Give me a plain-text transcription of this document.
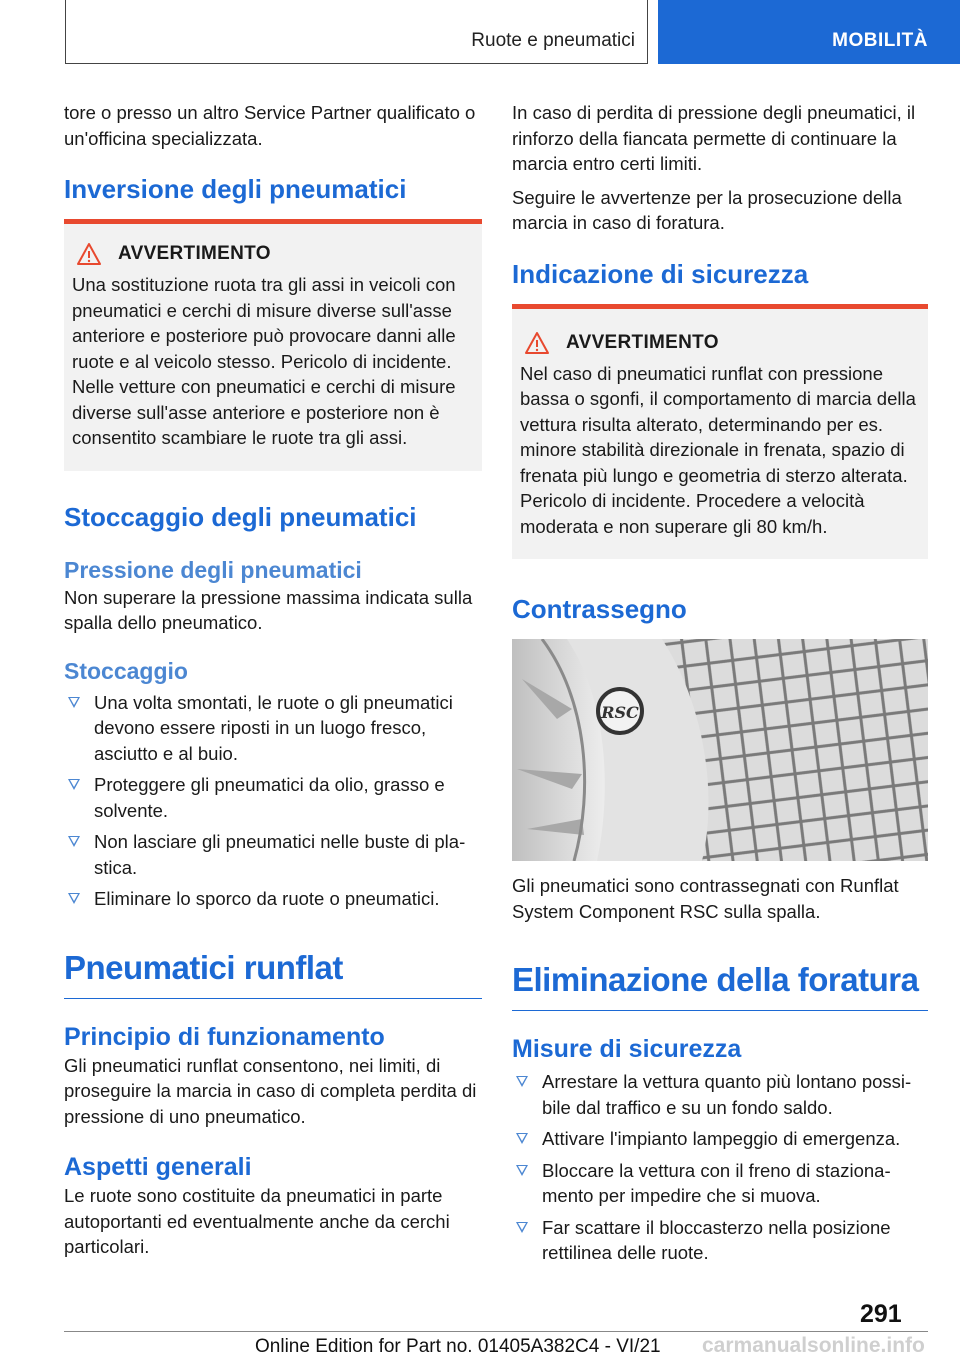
Ruote e pneumatici	MOBILITÀ

tore o presso un altro Service Partner qualificato o un'officina specializzata.

Inversione degli pneumatici
AVVERTIMENTO

Una sostituzione ruota tra gli assi in veicoli con pneumatici e cerchi di misure diverse sull'asse anteriore e posteriore può provocare danni alle ruote e al veicolo stesso. Pericolo di incidente. Nelle vetture con pneumatici e cerchi di misure diverse sull'asse anteriore e posteriore non è consentito scambiare le ruote tra gli assi.

Stoccaggio degli pneumatici
Pressione degli pneumatici

Non superare la pressione massima indicata sulla spalla dello pneumatico.

Stoccaggio
Una volta smontati, le ruote o gli pneumatici devono essere riposti in un luogo fresco, asciutto e al buio.
Proteggere gli pneumatici da olio, grasso e solvente.
Non lasciare gli pneumatici nelle buste di plastica.
Eliminare lo sporco da ruote o pneumatici.
Pneumatici runflat
Principio di funzionamento

Gli pneumatici runflat consentono, nei limiti, di proseguire la marcia in caso di completa perdita di pressione di uno pneumatico.

Aspetti generali

Le ruote sono costituite da pneumatici in parte autoportanti ed eventualmente anche da cerchi particolari.

In caso di perdita di pressione degli pneumatici, il rinforzo della fiancata permette di continuare la marcia entro certi limiti.

Seguire le avvertenze per la prosecuzione della marcia in caso di foratura.

Indicazione di sicurezza
AVVERTIMENTO

Nel caso di pneumatici runflat con pressione bassa o sgonfi, il comportamento di marcia della vettura risulta alterato, determinando per es. minore stabilità direzionale in frenata, spazio di frenata più lungo e geometria di sterzo alterata. Pericolo di incidente. Procedere a velocità moderata e non superare gli 80 km/h.

Contrassegno
RSC

Gli pneumatici sono contrassegnati con Runflat System Component RSC sulla spalla.

Eliminazione della foratura
Misure di sicurezza
Arrestare la vettura quanto più lontano possibile dal traffico e su un fondo saldo.
Attivare l'impianto lampeggio di emergenza.
Bloccare la vettura con il freno di stazionamento per impedire che si muova.
Far scattare il bloccasterzo nella posizione rettilinea delle ruote.
291
Online Edition for Part no. 01405A382C4 - VI/21 carmanualsonline.info
